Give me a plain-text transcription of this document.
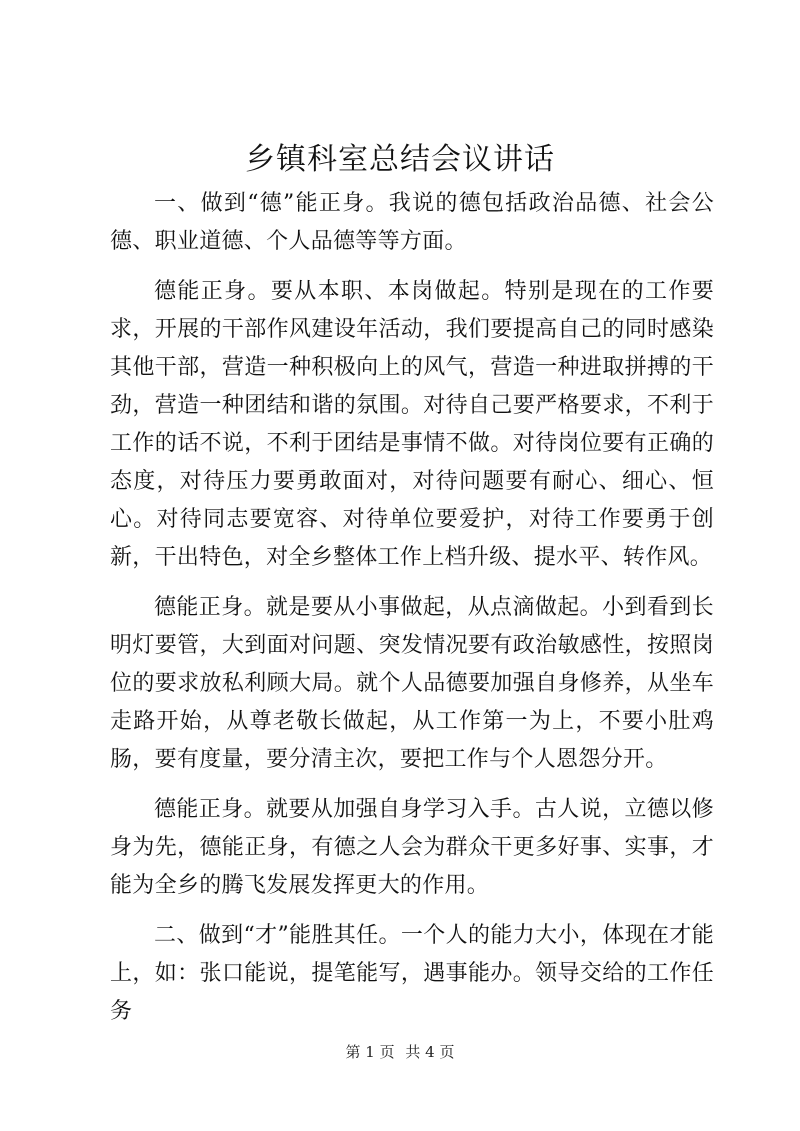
乡镇科室总结会议讲话

一、做到“德”能正身。我说的德包括政治品德、社会公德、职业道德、个人品德等等方面。

德能正身。要从本职、本岗做起。特别是现在的工作要求，开展的干部作风建设年活动，我们要提高自己的同时感染其他干部，营造一种积极向上的风气，营造一种进取拼搏的干劲，营造一种团结和谐的氛围。对待自己要严格要求，不利于工作的话不说，不利于团结是事情不做。对待岗位要有正确的态度，对待压力要勇敢面对，对待问题要有耐心、细心、恒心。对待同志要宽容、对待单位要爱护，对待工作要勇于创新，干出特色，对全乡整体工作上档升级、提水平、转作风。

德能正身。就是要从小事做起，从点滴做起。小到看到长明灯要管，大到面对问题、突发情况要有政治敏感性，按照岗位的要求放私利顾大局。就个人品德要加强自身修养，从坐车走路开始，从尊老敬长做起，从工作第一为上，不要小肚鸡肠，要有度量，要分清主次，要把工作与个人恩怨分开。

德能正身。就要从加强自身学习入手。古人说，立德以修身为先，德能正身，有德之人会为群众干更多好事、实事，才能为全乡的腾飞发展发挥更大的作用。

二、做到“才”能胜其任。一个人的能力大小，体现在才能上，如：张口能说，提笔能写，遇事能办。领导交给的工作任务

第 1 页 共 4 页
